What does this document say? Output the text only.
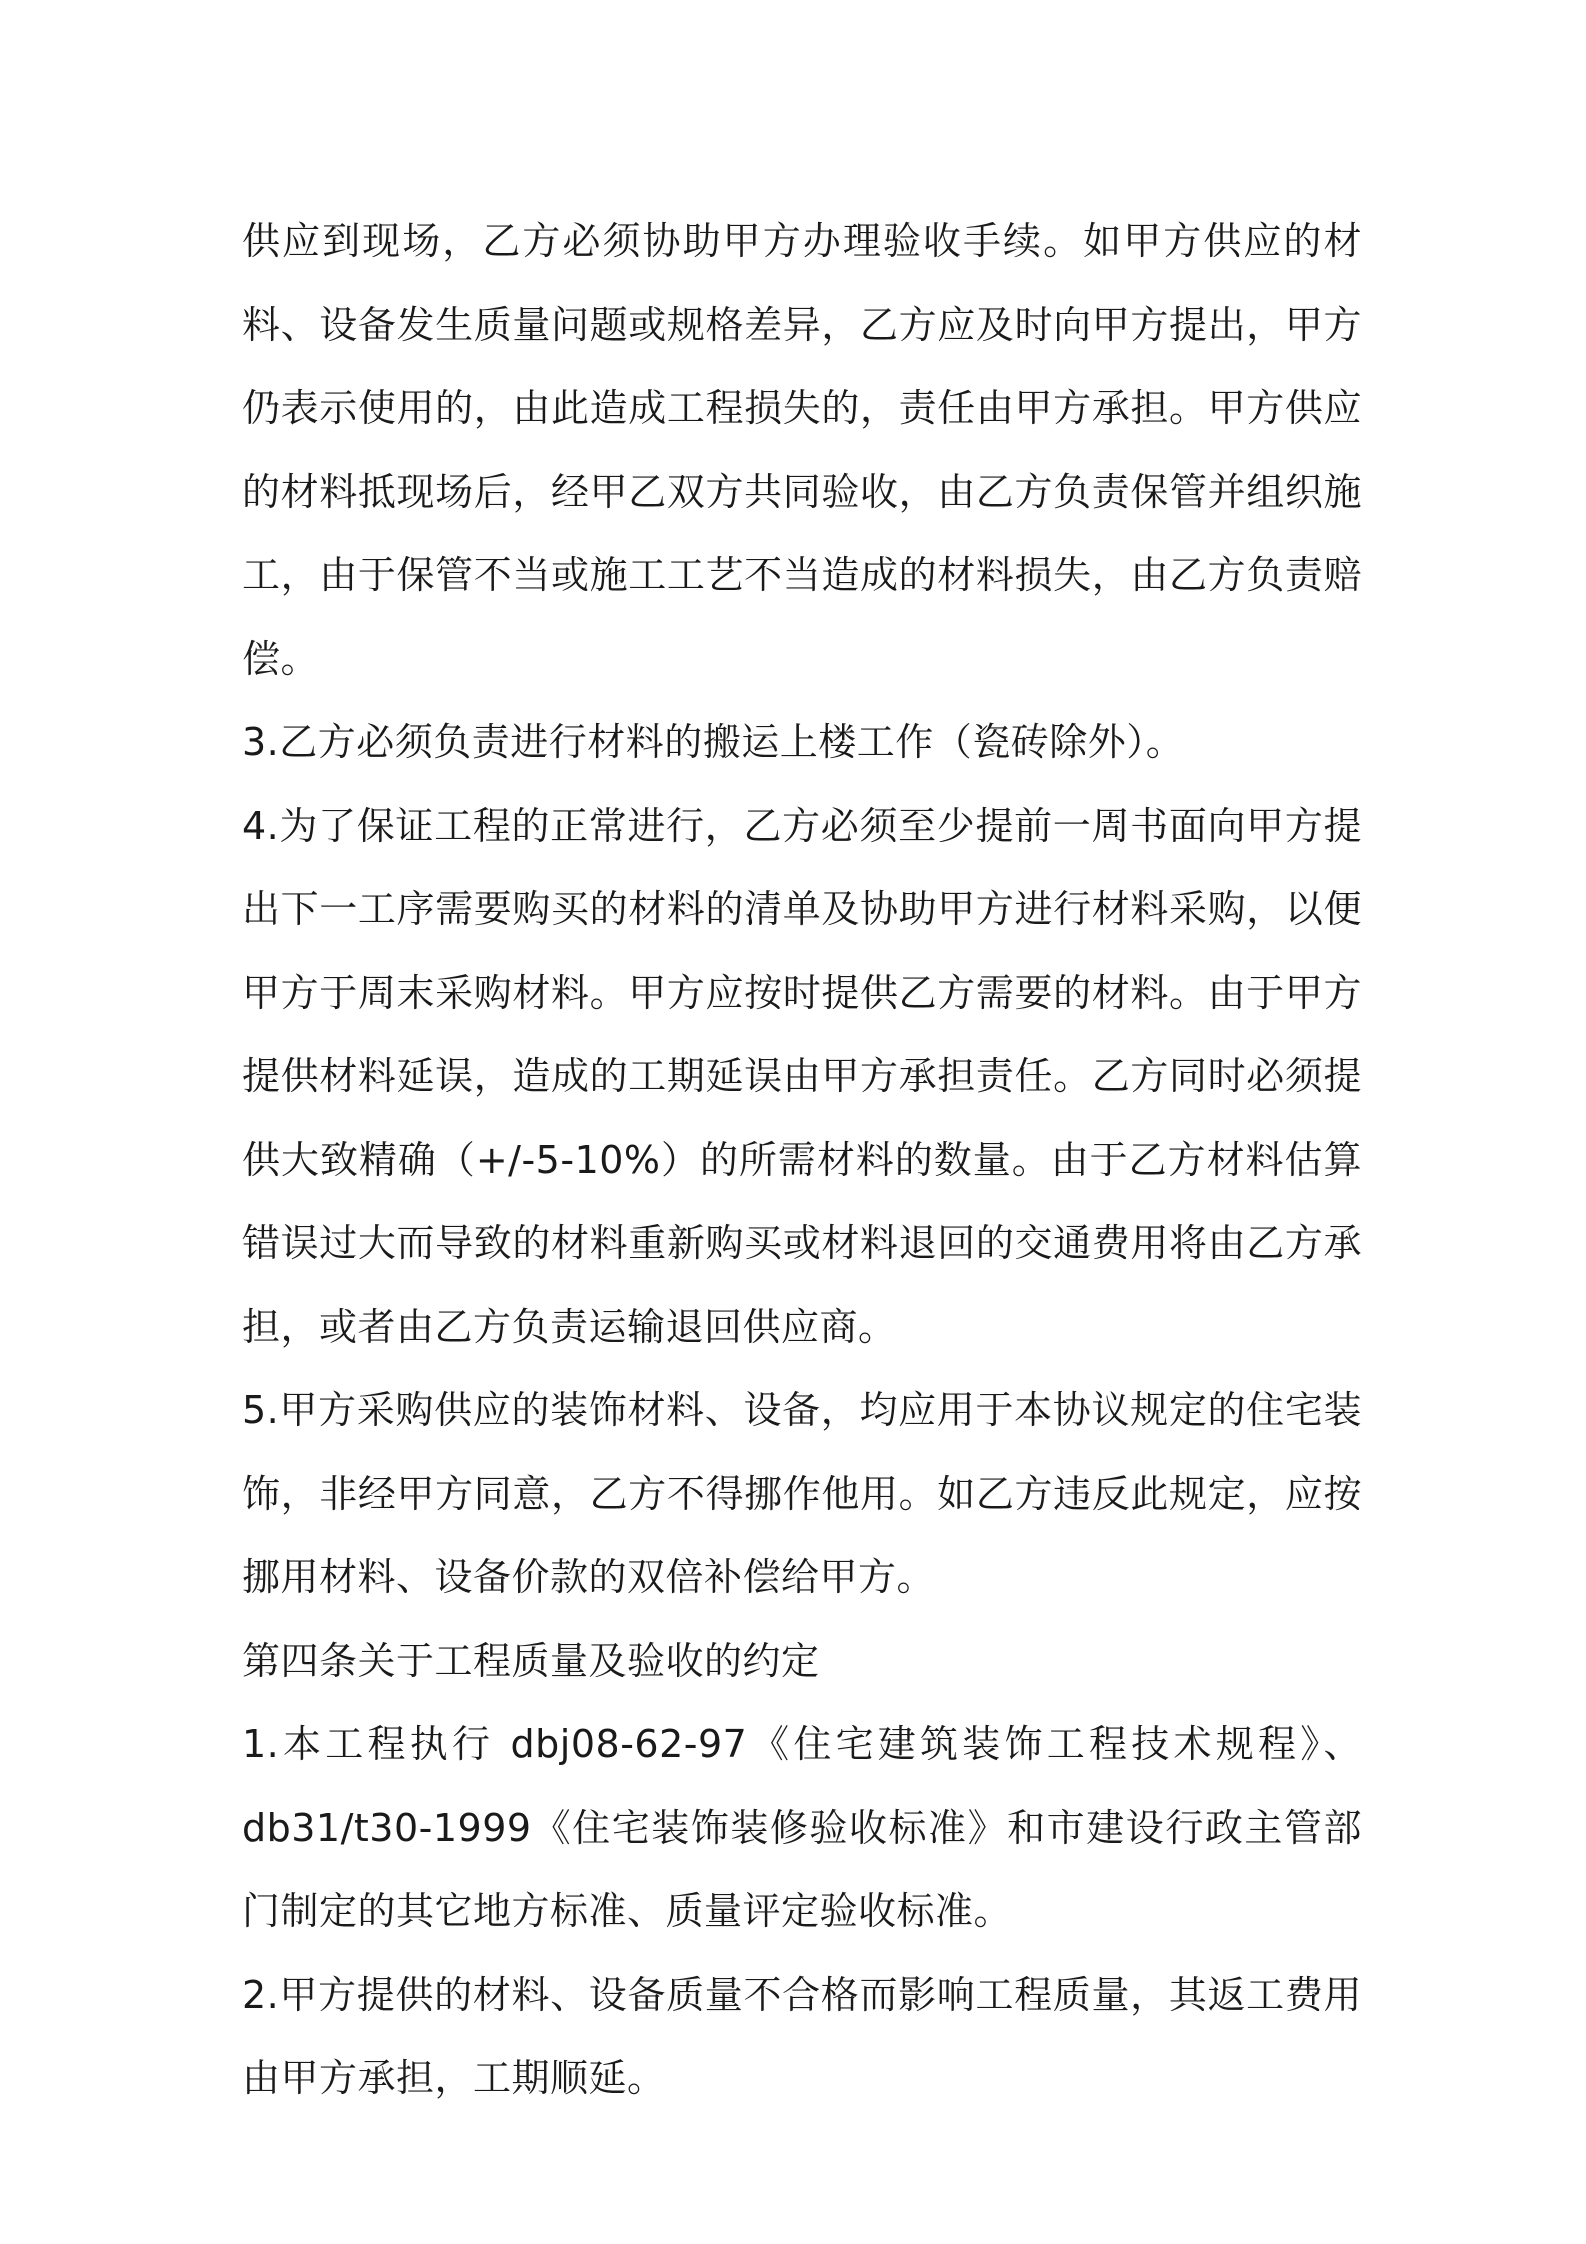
供应到现场，乙方必须协助甲方办理验收手续。如甲方供应的材料、设备发生质量问题或规格差异，乙方应及时向甲方提出，甲方仍表示使用的，由此造成工程损失的，责任由甲方承担。甲方供应的材料抵现场后，经甲乙双方共同验收，由乙方负责保管并组织施工，由于保管不当或施工工艺不当造成的材料损失，由乙方负责赔偿。

3.乙方必须负责进行材料的搬运上楼工作（瓷砖除外）。

4.为了保证工程的正常进行，乙方必须至少提前一周书面向甲方提出下一工序需要购买的材料的清单及协助甲方进行材料采购，以便甲方于周末采购材料。甲方应按时提供乙方需要的材料。由于甲方提供材料延误，造成的工期延误由甲方承担责任。乙方同时必须提供大致精确（+/-5-10%）的所需材料的数量。由于乙方材料估算错误过大而导致的材料重新购买或材料退回的交通费用将由乙方承担，或者由乙方负责运输退回供应商。

5.甲方采购供应的装饰材料、设备，均应用于本协议规定的住宅装饰，非经甲方同意，乙方不得挪作他用。如乙方违反此规定，应按挪用材料、设备价款的双倍补偿给甲方。

第四条关于工程质量及验收的约定

1.本工程执行 dbj08-62-97《住宅建筑装饰工程技术规程》、db31/t30-1999《住宅装饰装修验收标准》和市建设行政主管部门制定的其它地方标准、质量评定验收标准。

2.甲方提供的材料、设备质量不合格而影响工程质量，其返工费用由甲方承担，工期顺延。
